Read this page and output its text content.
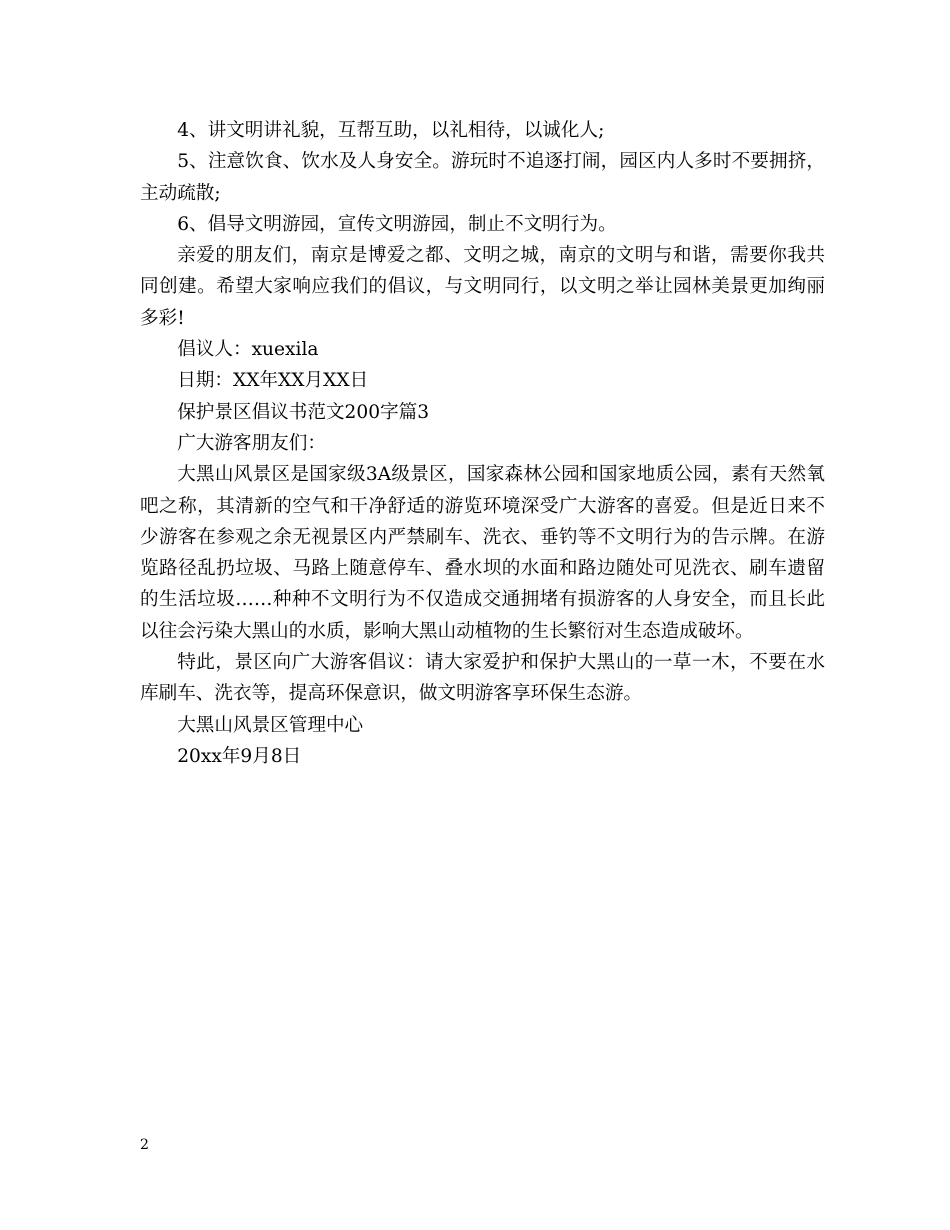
4、讲文明讲礼貌，互帮互助，以礼相待，以诚化人;

5、注意饮食、饮水及人身安全。游玩时不追逐打闹，园区内人多时不要拥挤，主动疏散;

6、倡导文明游园，宣传文明游园，制止不文明行为。

亲爱的朋友们，南京是博爱之都、文明之城，南京的文明与和谐，需要你我共同创建。希望大家响应我们的倡议，与文明同行，以文明之举让园林美景更加绚丽多彩!

倡议人：xuexila

日期：XX年XX月XX日

保护景区倡议书范文200字篇3

广大游客朋友们：

大黑山风景区是国家级3A级景区，国家森林公园和国家地质公园，素有天然氧吧之称，其清新的空气和干净舒适的游览环境深受广大游客的喜爱。但是近日来不少游客在参观之余无视景区内严禁刷车、洗衣、垂钓等不文明行为的告示牌。在游览路径乱扔垃圾、马路上随意停车、叠水坝的水面和路边随处可见洗衣、刷车遗留的生活垃圾……种种不文明行为不仅造成交通拥堵有损游客的人身安全，而且长此以往会污染大黑山的水质，影响大黑山动植物的生长繁衍对生态造成破坏。

特此，景区向广大游客倡议：请大家爱护和保护大黑山的一草一木，不要在水库刷车、洗衣等，提高环保意识，做文明游客享环保生态游。

大黑山风景区管理中心

20xx年9月8日

2
